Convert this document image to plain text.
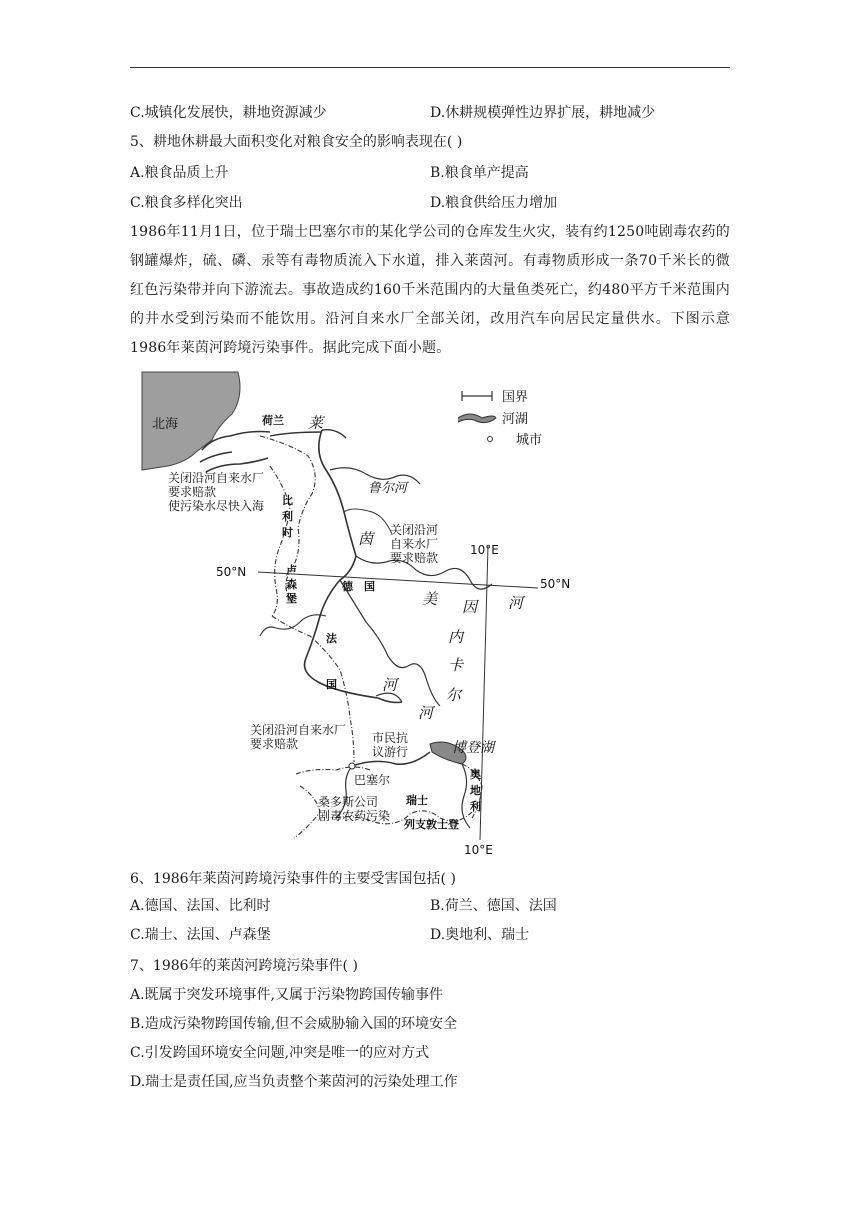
C.城镇化发展快，耕地资源减少	D.休耕规模弹性边界扩展，耕地减少
5、耕地休耕最大面积变化对粮食安全的影响表现在( )
A.粮食品质上升	B.粮食单产提高
C.粮食多样化突出	D.粮食供给压力增加
1986年11月1日，位于瑞士巴塞尔市的某化学公司的仓库发生火灾，装有约1250吨剧毒农药的钢罐爆炸，硫、磷、汞等有毒物质流入下水道，排入莱茵河。有毒物质形成一条70千米长的微红色污染带并向下游流去。事故造成约160千米范围内的大量鱼类死亡，约480平方千米范围内的井水受到污染而不能饮用。沿河自来水厂全部关闭，改用汽车向居民定量供水。下图示意1986年莱茵河跨境污染事件。据此完成下面小题。
北海
国界
河湖
城市
荷兰
比
利
时
卢
森
堡
德　国
法
国
瑞士
列支敦士登
奥
地
利
莱
茵
河
鲁尔河
美 因 河
内
卡
尔
河
博登湖
关闭沿河自来水厂
要求赔款
使污染水尽快入海
关闭沿河
自来水厂
要求赔款
关闭沿河自来水厂
要求赔款	市民抗
议游行
巴塞尔
桑多斯公司
剧毒农药污染
50°N
50°N
10°E
10°E
6、1986年莱茵河跨境污染事件的主要受害国包括( )
A.德国、法国、比利时	B.荷兰、德国、法国
C.瑞士、法国、卢森堡	D.奥地利、瑞士
7、1986年的莱茵河跨境污染事件( )
A.既属于突发环境事件,又属于污染物跨国传输事件
B.造成污染物跨国传输,但不会威胁输入国的环境安全
C.引发跨国环境安全问题,冲突是唯一的应对方式
D.瑞士是责任国,应当负责整个莱茵河的污染处理工作
